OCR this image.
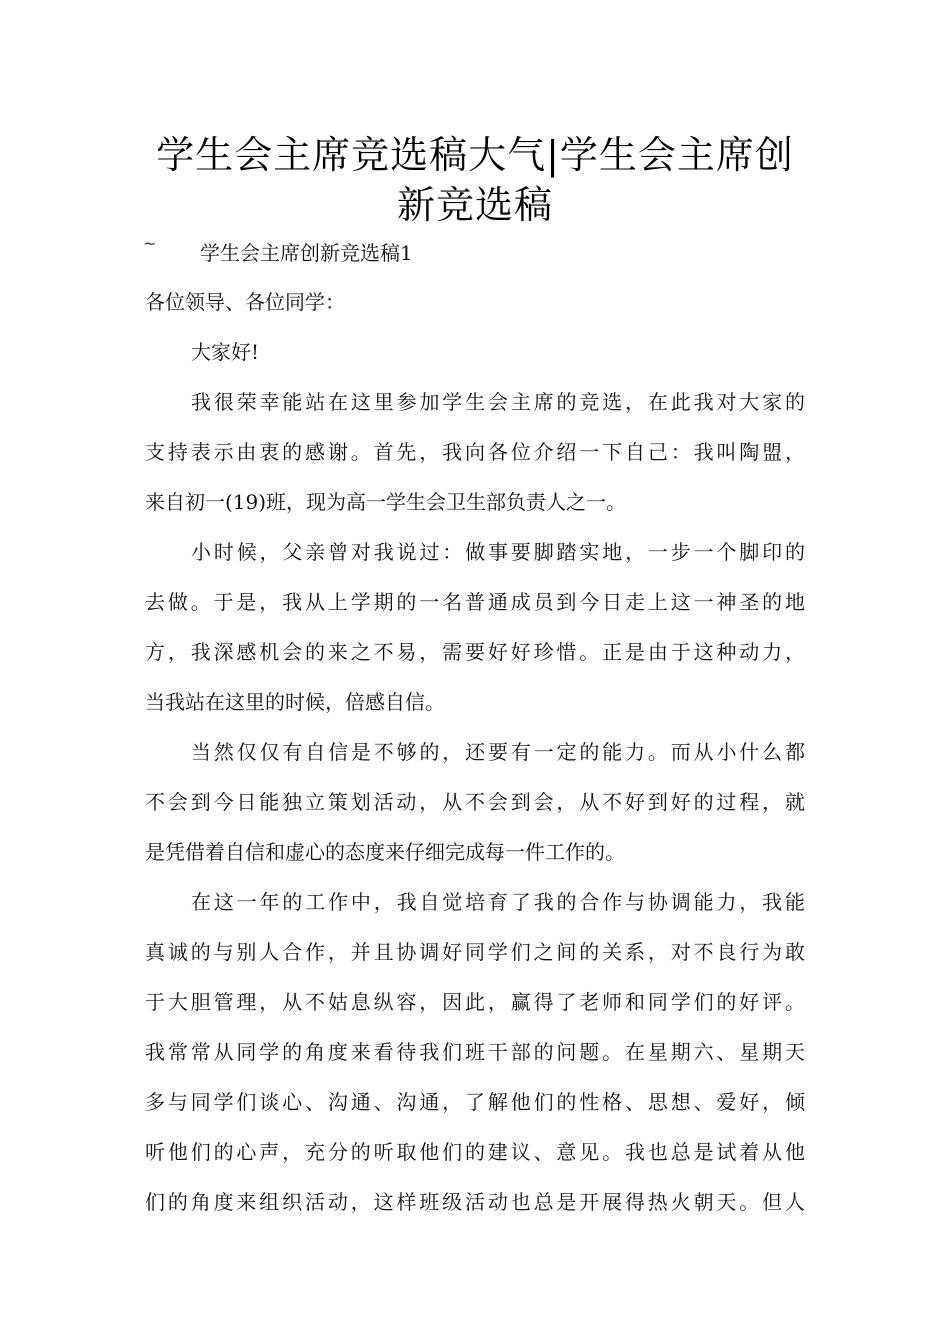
学生会主席竞选稿大气|学生会主席创
新竞选稿
~ 学生会主席创新竞选稿1
各位领导、各位同学：
大家好!
我很荣幸能站在这里参加学生会主席的竞选，在此我对大家的
支持表示由衷的感谢。首先，我向各位介绍一下自己：我叫陶盟，
来自初一(19)班，现为高一学生会卫生部负责人之一。
小时候，父亲曾对我说过：做事要脚踏实地，一步一个脚印的
去做。于是，我从上学期的一名普通成员到今日走上这一神圣的地
方，我深感机会的来之不易，需要好好珍惜。正是由于这种动力，
当我站在这里的时候，倍感自信。
当然仅仅有自信是不够的，还要有一定的能力。而从小什么都
不会到今日能独立策划活动，从不会到会，从不好到好的过程，就
是凭借着自信和虚心的态度来仔细完成每一件工作的。
在这一年的工作中，我自觉培育了我的合作与协调能力，我能
真诚的与别人合作，并且协调好同学们之间的关系，对不良行为敢
于大胆管理，从不姑息纵容，因此，赢得了老师和同学们的好评。
我常常从同学的角度来看待我们班干部的问题。在星期六、星期天
多与同学们谈心、沟通、沟通，了解他们的性格、思想、爱好，倾
听他们的心声，充分的听取他们的建议、意见。我也总是试着从他
们的角度来组织活动，这样班级活动也总是开展得热火朝天。但人
